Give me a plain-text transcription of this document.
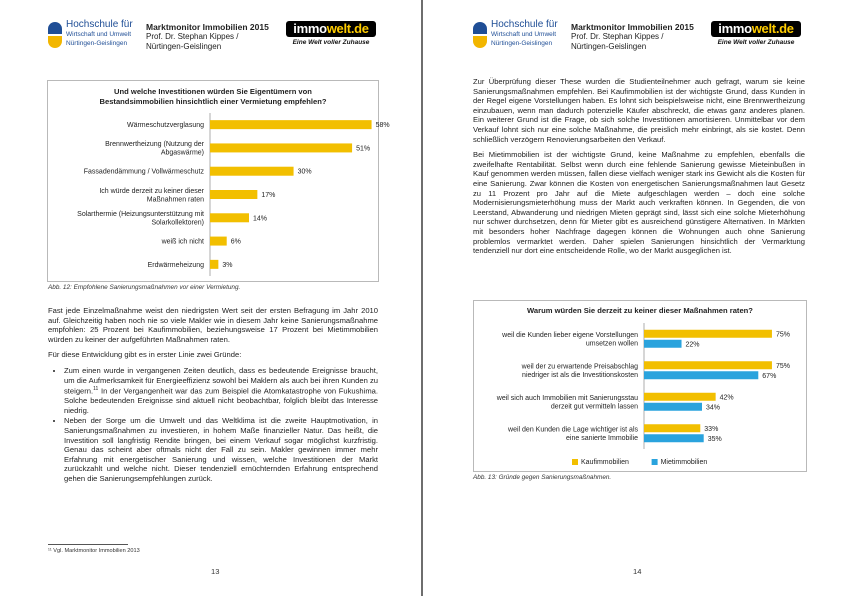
Hochschule für
Wirtschaft und Umwelt
Nürtingen-Geislingen
Marktmonitor Immobilien 2015
Prof. Dr. Stephan Kippes /
Nürtingen-Geislingen
immowelt.de
Eine Welt voller Zuhause
Und welche Investitionen würden Sie Eigentümern von Bestandsimmobilien hinsichtlich einer Vermietung empfehlen?
Wärmeschutzverglasung	58%
Brennwertheizung (Nutzung der
Abgaswärme)
51%
Fassadendämmung / Vollwärmeschutz	30%
Ich würde derzeit zu keiner dieser
Maßnahmen raten
17%
Solarthermie (Heizungsunterstützung mit
Solarkollektoren)
14%
weiß ich nicht	6%
Erdwärmeheizung	3%
Abb. 12: Empfohlene Sanierungsmaßnahmen vor einer Vermietung.

Fast jede Einzelmaßnahme weist den niedrigsten Wert seit der ersten Befragung im Jahr 2010 auf. Gleichzeitig haben noch nie so viele Makler wie in diesem Jahr keine Sanierungsmaßnahme empfohlen: 25 Prozent bei Kaufimmobilien, beziehungsweise 17 Prozent bei Mietimmobilien würden zu keiner der aufgeführten Maßnahmen raten.

Für diese Entwicklung gibt es in erster Linie zwei Gründe:

• Zum einen wurde in vergangenen Zeiten deutlich, dass es bedeutende Ereignisse braucht, um die Aufmerksamkeit für Energieeffizienz sowohl bei Maklern als auch bei ihren Kunden zu steigern.$^{11}$ In der Vergangenheit war das zum Beispiel die Atomkatastrophe von Fukushima. Solche bedeutenden Ereignisse sind aktuell nicht beobachtbar, folglich bleibt das Interesse niedrig.
• Neben der Sorge um die Umwelt und das Weltklima ist die zweite Hauptmotivation, in Sanierungsmaßnahmen zu investieren, in hohem Maße finanzieller Natur. Das heißt, die Investition soll langfristig Rendite bringen, bei einem Verkauf sogar möglichst kurzfristig. Genau das scheint aber oftmals nicht der Fall zu sein. Makler gewinnen immer mehr Erfahrung mit energetischer Sanierung und wissen, welche Investitionen der Markt zurückzahlt und welche nicht. Dieser tendenziell ernüchternden Erfahrung entsprechend gehen die Sanierungsempfehlungen zurück.
¹¹ Vgl. Marktmonitor Immobilien 2013
13
Hochschule für
Wirtschaft und Umwelt
Nürtingen-Geislingen
Marktmonitor Immobilien 2015
Prof. Dr. Stephan Kippes /
Nürtingen-Geislingen
immowelt.de
Eine Welt voller Zuhause

Zur Überprüfung dieser These wurden die Studienteilnehmer auch gefragt, warum sie keine Sanierungsmaßnahmen empfehlen. Bei Kaufimmobilien ist der wichtigste Grund, dass Kunden in der Regel eigene Vorstellungen haben. Es lohnt sich beispielsweise nicht, eine Brennwertheizung einzubauen, wenn man dadurch potenzielle Käufer abschreckt, die etwas ganz anderes planen. Ein weiterer Grund ist die Frage, ob sich solche Investitionen amortisieren. Unmittelbar vor dem Verkauf lohnt sich nur eine solche Maßnahme, die preislich mehr einbringt, als sie kostet. Denn schließlich verzögern Renovierungsarbeiten den Verkauf.

Bei Mietimmobilien ist der wichtigste Grund, keine Maßnahme zu empfehlen, ebenfalls die zweifelhafte Rentabilität. Selbst wenn durch eine fehlende Sanierung gewisse Mieteinbußen in Kauf genommen werden müssen, fallen diese vielfach weniger stark ins Gewicht als die Kosten für eine Sanierung. Zwar können die Kosten von energetischen Sanierungsmaßnahmen laut Gesetz zu 11 Prozent pro Jahr auf die Miete aufgeschlagen werden – doch eine solche Modernisierungsmieterhöhung muss der Markt auch verkraften können. In Gegenden, die von Leerstand, Abwanderung und niedrigen Mieten geprägt sind, lässt sich eine solche Mieterhöhung nur schwer durchsetzen, denn für Mieter gibt es ausreichend günstigere Alternativen. In Märkten mit besonders hoher Nachfrage dagegen können die Wohnungen auch ohne Sanierung problemlos vermarktet werden. Daher spielen Sanierungen hinsichtlich der Vermarktung tendenziell nur dort eine entscheidende Rolle, wo der Markt ausgeglichen ist.

Warum würden Sie derzeit zu keiner dieser Maßnahmen raten?
weil die Kunden lieber eigene Vorstellungen
umsetzen wollen
75%
22%
weil der zu erwartende Preisabschlag
niedriger ist als die Investitionskosten
75%
67%
weil sich auch Immobilien mit Sanierungsstau
derzeit gut vermitteln lassen
42%
34%
weil den Kunden die Lage wichtiger ist als
eine sanierte Immobilie
33%
35%
Kaufimmobilien	Mietimmobilien
Abb. 13: Gründe gegen Sanierungsmaßnahmen.
14
